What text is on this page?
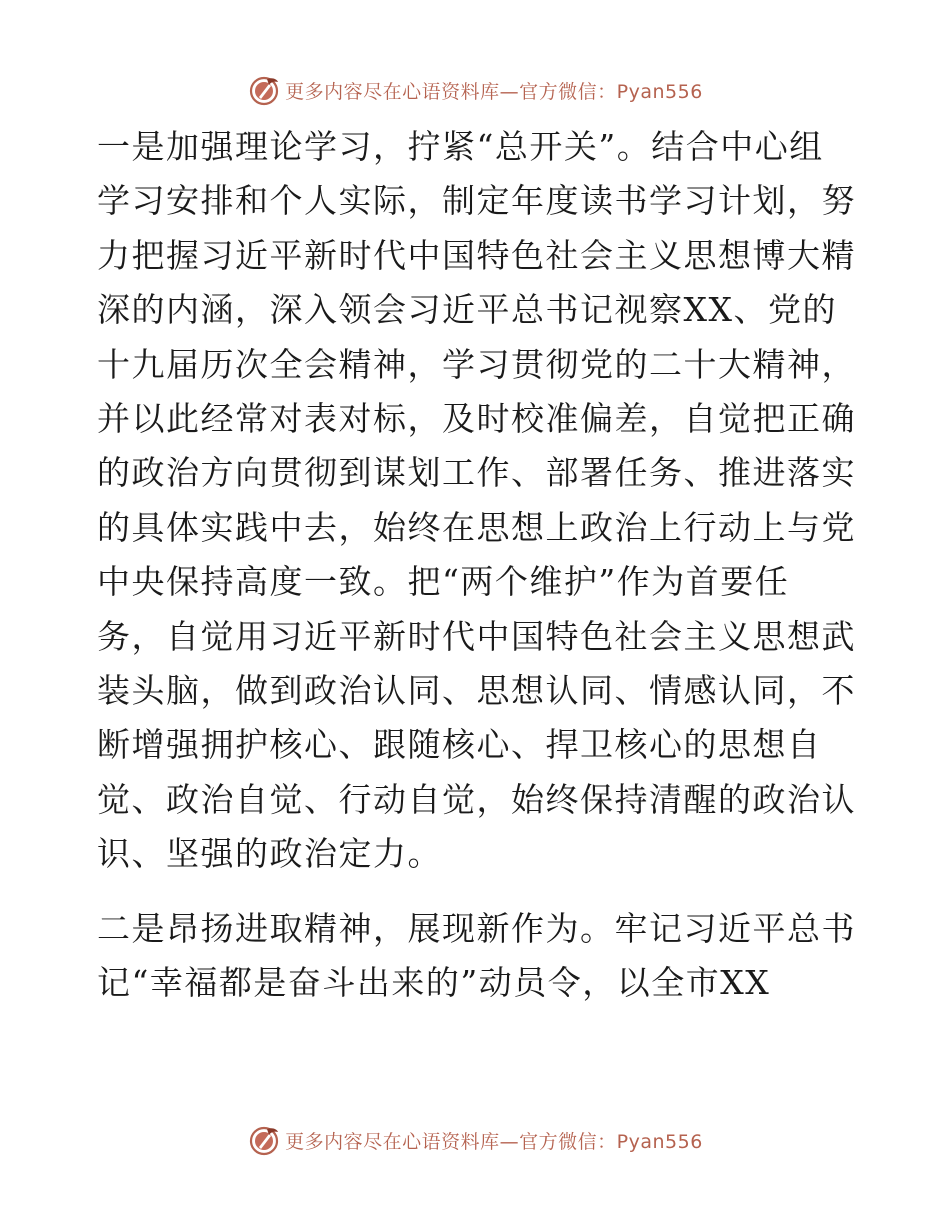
更多内容尽在心语资料库—官方微信：Pyan556

一是加强理论学习，拧紧“总开关”。结合中心组学习安排和个人实际，制定年度读书学习计划，努力把握习近平新时代中国特色社会主义思想博大精深的内涵，深入领会习近平总书记视察XX、党的十九届历次全会精神，学习贯彻党的二十大精神，并以此经常对表对标，及时校准偏差，自觉把正确的政治方向贯彻到谋划工作、部署任务、推进落实的具体实践中去，始终在思想上政治上行动上与党中央保持高度一致。把“两个维护”作为首要任务，自觉用习近平新时代中国特色社会主义思想武装头脑，做到政治认同、思想认同、情感认同，不断增强拥护核心、跟随核心、捍卫核心的思想自觉、政治自觉、行动自觉，始终保持清醒的政治认识、坚强的政治定力。

二是昂扬进取精神，展现新作为。牢记习近平总书记“幸福都是奋斗出来的”动员令，以全市XX

更多内容尽在心语资料库—官方微信：Pyan556
